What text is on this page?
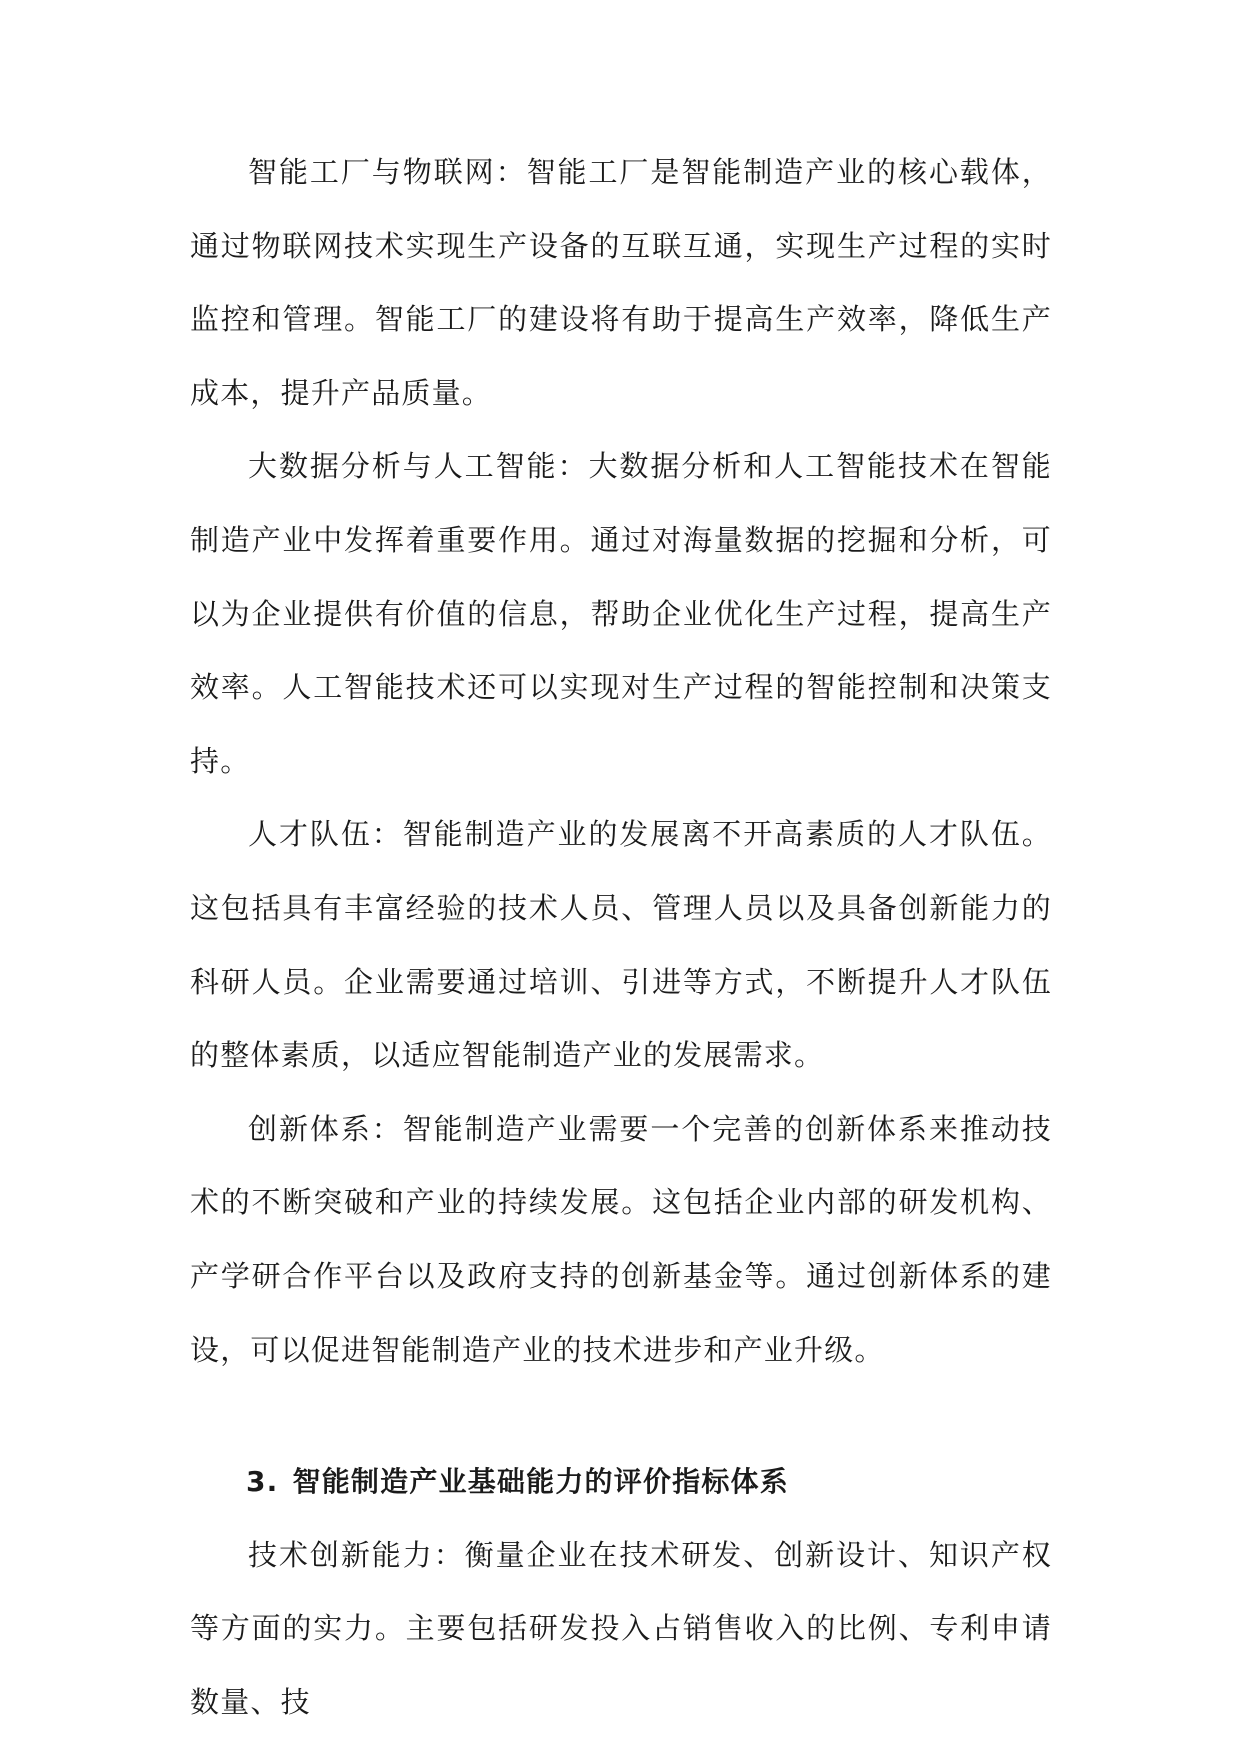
智能工厂与物联网：智能工厂是智能制造产业的核心载体，通过物联网技术实现生产设备的互联互通，实现生产过程的实时监控和管理。智能工厂的建设将有助于提高生产效率，降低生产成本，提升产品质量。

大数据分析与人工智能：大数据分析和人工智能技术在智能制造产业中发挥着重要作用。通过对海量数据的挖掘和分析，可以为企业提供有价值的信息，帮助企业优化生产过程，提高生产效率。人工智能技术还可以实现对生产过程的智能控制和决策支持。

人才队伍：智能制造产业的发展离不开高素质的人才队伍。这包括具有丰富经验的技术人员、管理人员以及具备创新能力的科研人员。企业需要通过培训、引进等方式，不断提升人才队伍的整体素质，以适应智能制造产业的发展需求。

创新体系：智能制造产业需要一个完善的创新体系来推动技术的不断突破和产业的持续发展。这包括企业内部的研发机构、产学研合作平台以及政府支持的创新基金等。通过创新体系的建设，可以促进智能制造产业的技术进步和产业升级。

3. 智能制造产业基础能力的评价指标体系

技术创新能力：衡量企业在技术研发、创新设计、知识产权等方面的实力。主要包括研发投入占销售收入的比例、专利申请数量、技
